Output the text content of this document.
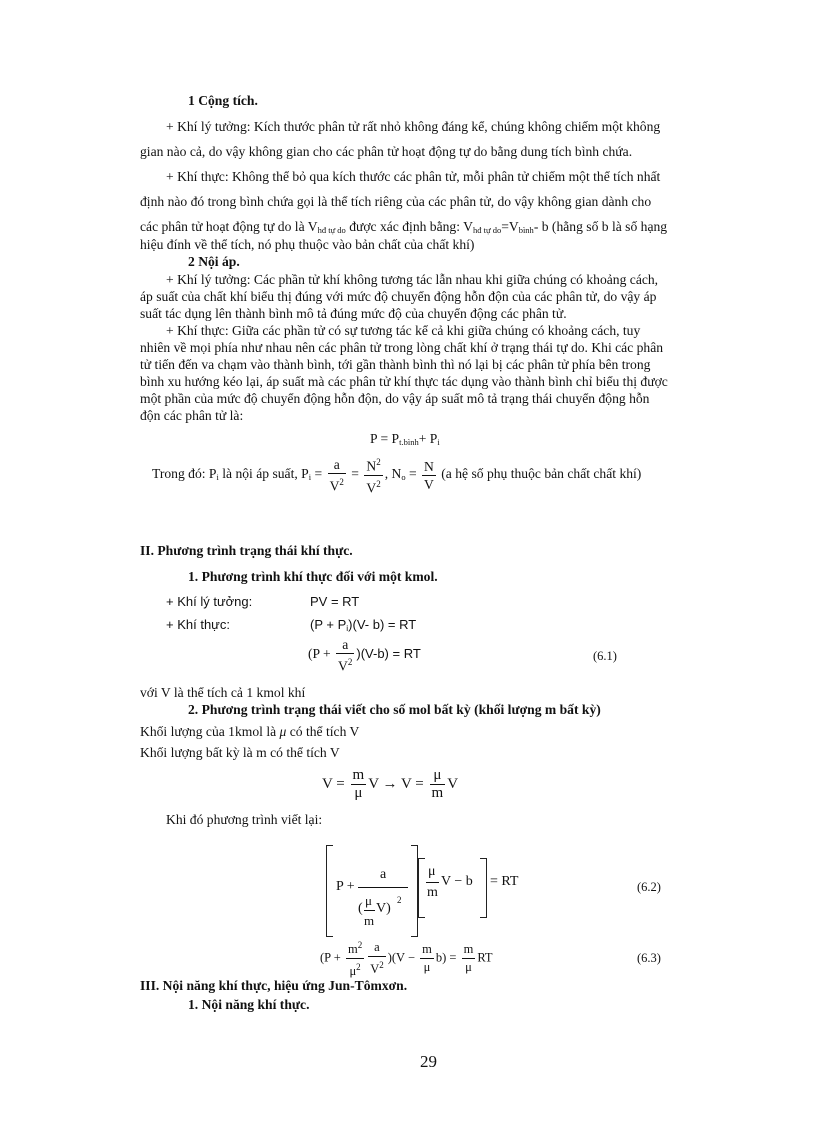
1 Cộng tích.
+ Khí lý tưởng: Kích thước phân tử rất nhỏ không đáng kể, chúng không chiếm một không
gian nào cả, do vậy không gian cho các phân tử hoạt động tự do bằng dung tích bình chứa.
+ Khí thực: Không thể bỏ qua kích thước các phân tử, mỗi phân tử chiếm một thể tích nhất
định nào đó trong bình chứa gọi là thể tích riêng của các phân tử, do vậy không gian dành cho
các phân tử hoạt động tự do là $V_{hđ tự do}$ được xác định bằng: $V_{hđ tự do}=V_{bình}-$ b (hằng số b là số hạng
hiệu đính về thể tích, nó phụ thuộc vào bản chất của chất khí)
2 Nội áp.
+ Khí lý tưởng: Các phần tử khí không tương tác lẫn nhau khi giữa chúng có khoảng cách,
áp suất của chất khí biểu thị đúng với mức độ chuyển động hỗn độn của các phân tử, do vậy áp
suất tác dụng lên thành bình mô tả đúng mức độ của chuyển động các phân tử.
+ Khí thực: Giữa các phần tử có sự tương tác kể cả khi giữa chúng có khoảng cách, tuy
nhiên về mọi phía như nhau nên các phân tử trong lòng chất khí ở trạng thái tự do. Khi các phân
tử tiến đến va chạm vào thành bình, tới gần thành bình thì nó lại bị các phân tử phía bên trong
bình xu hướng kéo lại, áp suất mà các phân tử khí thực tác dụng vào thành bình chỉ biểu thị được
một phần của mức độ chuyển động hỗn độn, do vậy áp suất mô tả trạng thái chuyển động hỗn
độn các phân tử là:
$P = P_{t.bình}+ P_i$
Trong đó: $P_i$ là nội áp suất, $P_i = \frac{a}{V^2} = \frac{N^2}{V^2}$ , $N_o = \frac{N}{V} (a$ hệ số phụ thuộc bản chất chất khí)
II. Phương trình trạng thái khí thực.
1. Phương trình khí thực đối với một kmol.
+ Khí lý tưởng:	PV = RT
+ Khí thực:	$(P + P_i)(V-$ b) = RT
$(P + \frac{a}{V^2} )(V-b)$ = RT	(6.1)
với V là thể tích cả 1 kmol khí
2. Phương trình trạng thái viết cho số mol bất kỳ (khối lượng m bất kỳ)
Khối lượng của 1kmol là μ có thể tích V
Khối lượng bất kỳ là m có thể tích V
$V = \frac{m}{\mu}$ $V \to V = \frac{\mu}{m}$ V
Khi đó phương trình viết lại:
P +
a
(
μ
m
V)
2
μ
m
V − b = RT	(6.2)
$(P + \frac{m^2}{\mu^2} \frac{a}{V^2} )(V - \frac{m}{\mu} b) = \frac{m}{\mu}$ RT	(6.3)
III. Nội năng khí thực, hiệu ứng Jun-Tômxơn.
1. Nội năng khí thực.
29
